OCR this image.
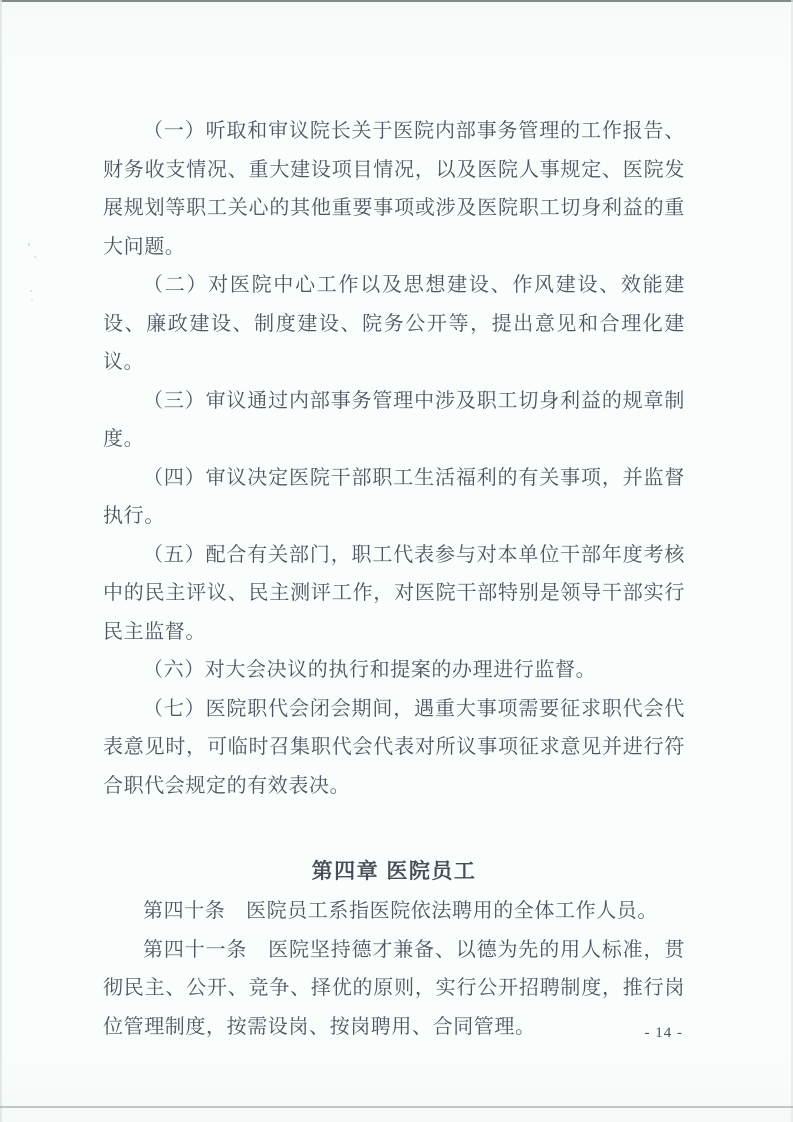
（一）听取和审议院长关于医院内部事务管理的工作报告、财务收支情况、重大建设项目情况，以及医院人事规定、医院发展规划等职工关心的其他重要事项或涉及医院职工切身利益的重大问题。

（二）对医院中心工作以及思想建设、作风建设、效能建设、廉政建设、制度建设、院务公开等，提出意见和合理化建议。

（三）审议通过内部事务管理中涉及职工切身利益的规章制度。

（四）审议决定医院干部职工生活福利的有关事项，并监督执行。

（五）配合有关部门，职工代表参与对本单位干部年度考核中的民主评议、民主测评工作，对医院干部特别是领导干部实行民主监督。

（六）对大会决议的执行和提案的办理进行监督。

（七）医院职代会闭会期间，遇重大事项需要征求职代会代表意见时，可临时召集职代会代表对所议事项征求意见并进行符合职代会规定的有效表决。

第四章 医院员工

第四十条　医院员工系指医院依法聘用的全体工作人员。

第四十一条　医院坚持德才兼备、以德为先的用人标准，贯彻民主、公开、竞争、择优的原则，实行公开招聘制度，推行岗位管理制度，按需设岗、按岗聘用、合同管理。	- 14 -
